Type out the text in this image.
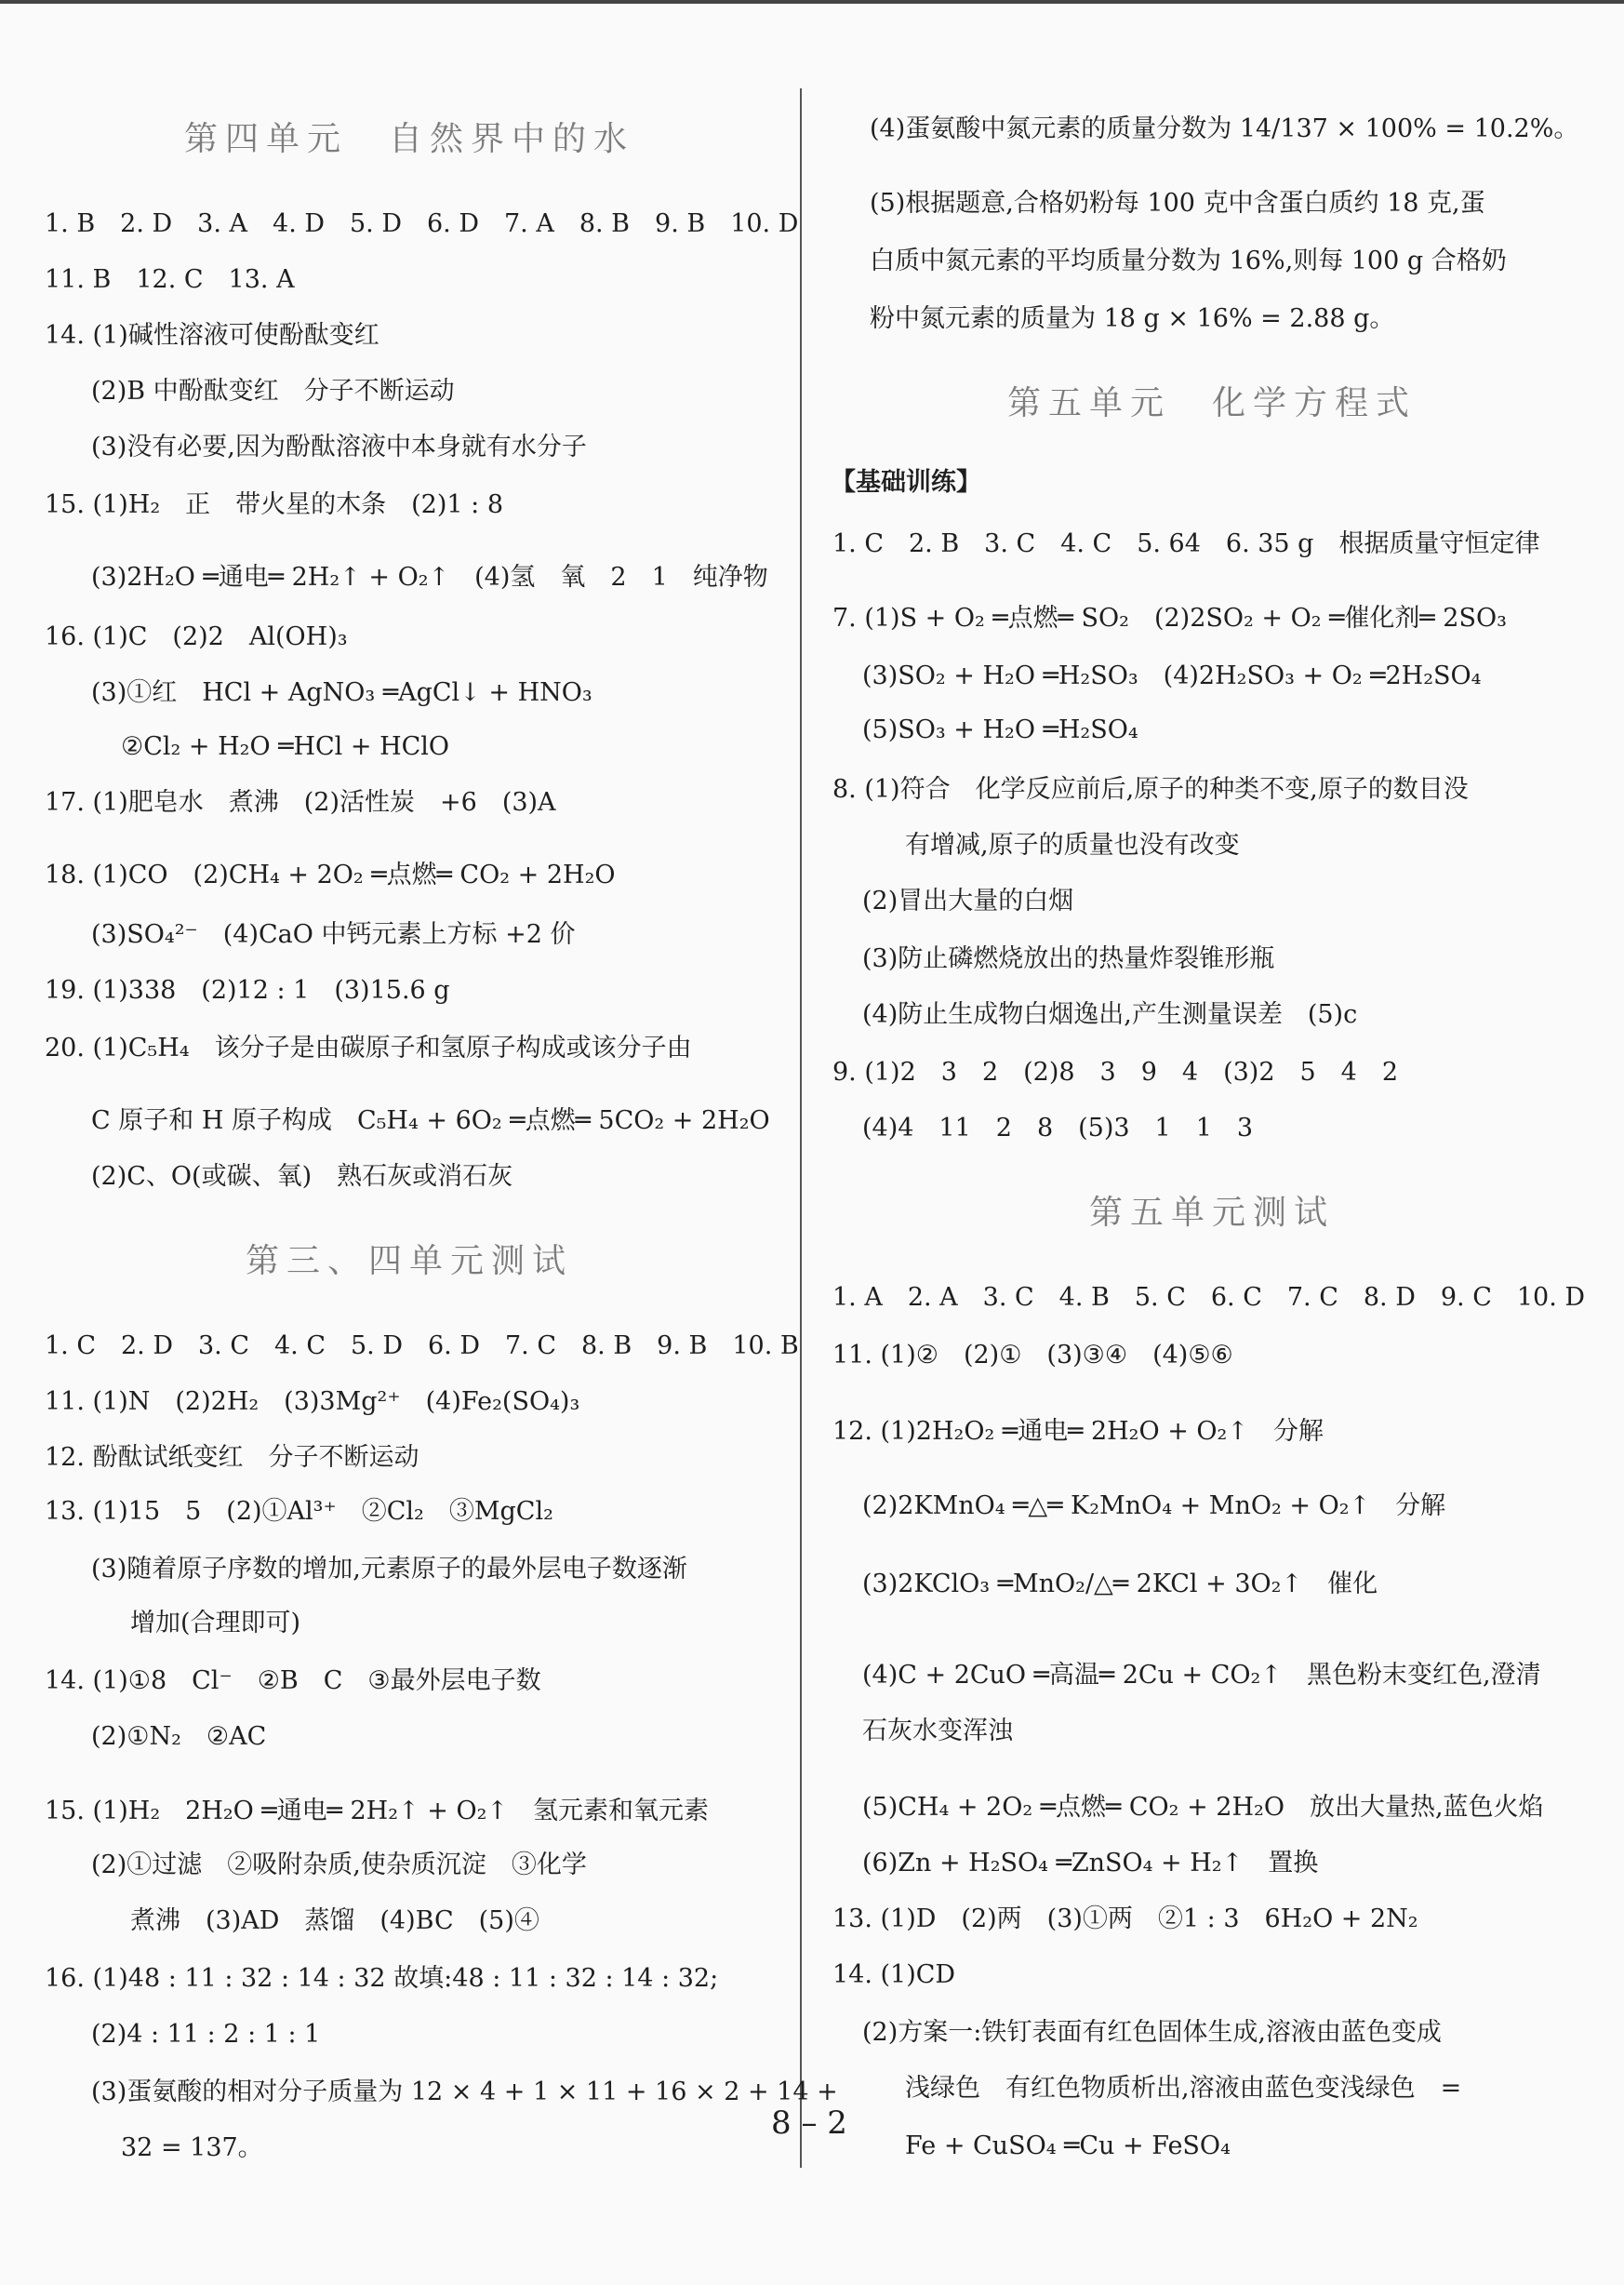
第四单元　自然界中的水
1. B　2. D　3. A　4. D　5. D　6. D　7. A　8. B　9. B　10. D
11. B　12. C　13. A
14. (1)碱性溶液可使酚酞变红
(2)B 中酚酞变红　分子不断运动
(3)没有必要,因为酚酞溶液中本身就有水分子
15. (1)H₂　正　带火星的木条　(2)1 : 8
(3)2H₂O ═通电═ 2H₂↑ + O₂↑　(4)氢　氧　2　1　纯净物
16. (1)C　(2)2　Al(OH)₃
(3)①红　HCl + AgNO₃ ═AgCl↓ + HNO₃
②Cl₂ + H₂O ═HCl + HClO
17. (1)肥皂水　煮沸　(2)活性炭　+6　(3)A
18. (1)CO　(2)CH₄ + 2O₂ ═点燃═ CO₂ + 2H₂O
(3)SO₄²⁻　(4)CaO 中钙元素上方标 +2 价
19. (1)338　(2)12 : 1　(3)15.6 g
20. (1)C₅H₄　该分子是由碳原子和氢原子构成或该分子由
C 原子和 H 原子构成　C₅H₄ + 6O₂ ═点燃═ 5CO₂ + 2H₂O
(2)C、O(或碳、氧)　熟石灰或消石灰
第三、四单元测试
1. C　2. D　3. C　4. C　5. D　6. D　7. C　8. B　9. B　10. B
11. (1)N　(2)2H₂　(3)3Mg²⁺　(4)Fe₂(SO₄)₃
12. 酚酞试纸变红　分子不断运动
13. (1)15　5　(2)①Al³⁺　②Cl₂　③MgCl₂
(3)随着原子序数的增加,元素原子的最外层电子数逐渐
增加(合理即可)
14. (1)①8　Cl⁻　②B　C　③最外层电子数
(2)①N₂　②AC
15. (1)H₂　2H₂O ═通电═ 2H₂↑ + O₂↑　氢元素和氧元素
(2)①过滤　②吸附杂质,使杂质沉淀　③化学
煮沸　(3)AD　蒸馏　(4)BC　(5)④
16. (1)48 : 11 : 32 : 14 : 32 故填:48 : 11 : 32 : 14 : 32;
(2)4 : 11 : 2 : 1 : 1
(3)蛋氨酸的相对分子质量为 12 × 4 + 1 × 11 + 16 × 2 + 14 +
32 = 137。
(4)蛋氨酸中氮元素的质量分数为 14/137 × 100% = 10.2%。
(5)根据题意,合格奶粉每 100 克中含蛋白质约 18 克,蛋
白质中氮元素的平均质量分数为 16%,则每 100 g 合格奶
粉中氮元素的质量为 18 g × 16% = 2.88 g。
第五单元　化学方程式
【基础训练】
1. C　2. B　3. C　4. C　5. 64　6. 35 g　根据质量守恒定律
7. (1)S + O₂ ═点燃═ SO₂　(2)2SO₂ + O₂ ═催化剂═ 2SO₃
(3)SO₂ + H₂O ═H₂SO₃　(4)2H₂SO₃ + O₂ ═2H₂SO₄
(5)SO₃ + H₂O ═H₂SO₄
8. (1)符合　化学反应前后,原子的种类不变,原子的数目没
有增减,原子的质量也没有改变
(2)冒出大量的白烟
(3)防止磷燃烧放出的热量炸裂锥形瓶
(4)防止生成物白烟逸出,产生测量误差　(5)c
9. (1)2　3　2　(2)8　3　9　4　(3)2　5　4　2
(4)4　11　2　8　(5)3　1　1　3
第五单元测试
1. A　2. A　3. C　4. B　5. C　6. C　7. C　8. D　9. C　10. D
11. (1)②　(2)①　(3)③④　(4)⑤⑥
12. (1)2H₂O₂ ═通电═ 2H₂O + O₂↑　分解
(2)2KMnO₄ ═△═ K₂MnO₄ + MnO₂ + O₂↑　分解
(3)2KClO₃ ═MnO₂/△═ 2KCl + 3O₂↑　催化
(4)C + 2CuO ═高温═ 2Cu + CO₂↑　黑色粉末变红色,澄清
石灰水变浑浊
(5)CH₄ + 2O₂ ═点燃═ CO₂ + 2H₂O　放出大量热,蓝色火焰
(6)Zn + H₂SO₄ ═ZnSO₄ + H₂↑　置换
13. (1)D　(2)两　(3)①两　②1 : 3　6H₂O + 2N₂
14. (1)CD
(2)方案一:铁钉表面有红色固体生成,溶液由蓝色变成
浅绿色　有红色物质析出,溶液由蓝色变浅绿色　=
Fe + CuSO₄ ═Cu + FeSO₄
8 – 2
